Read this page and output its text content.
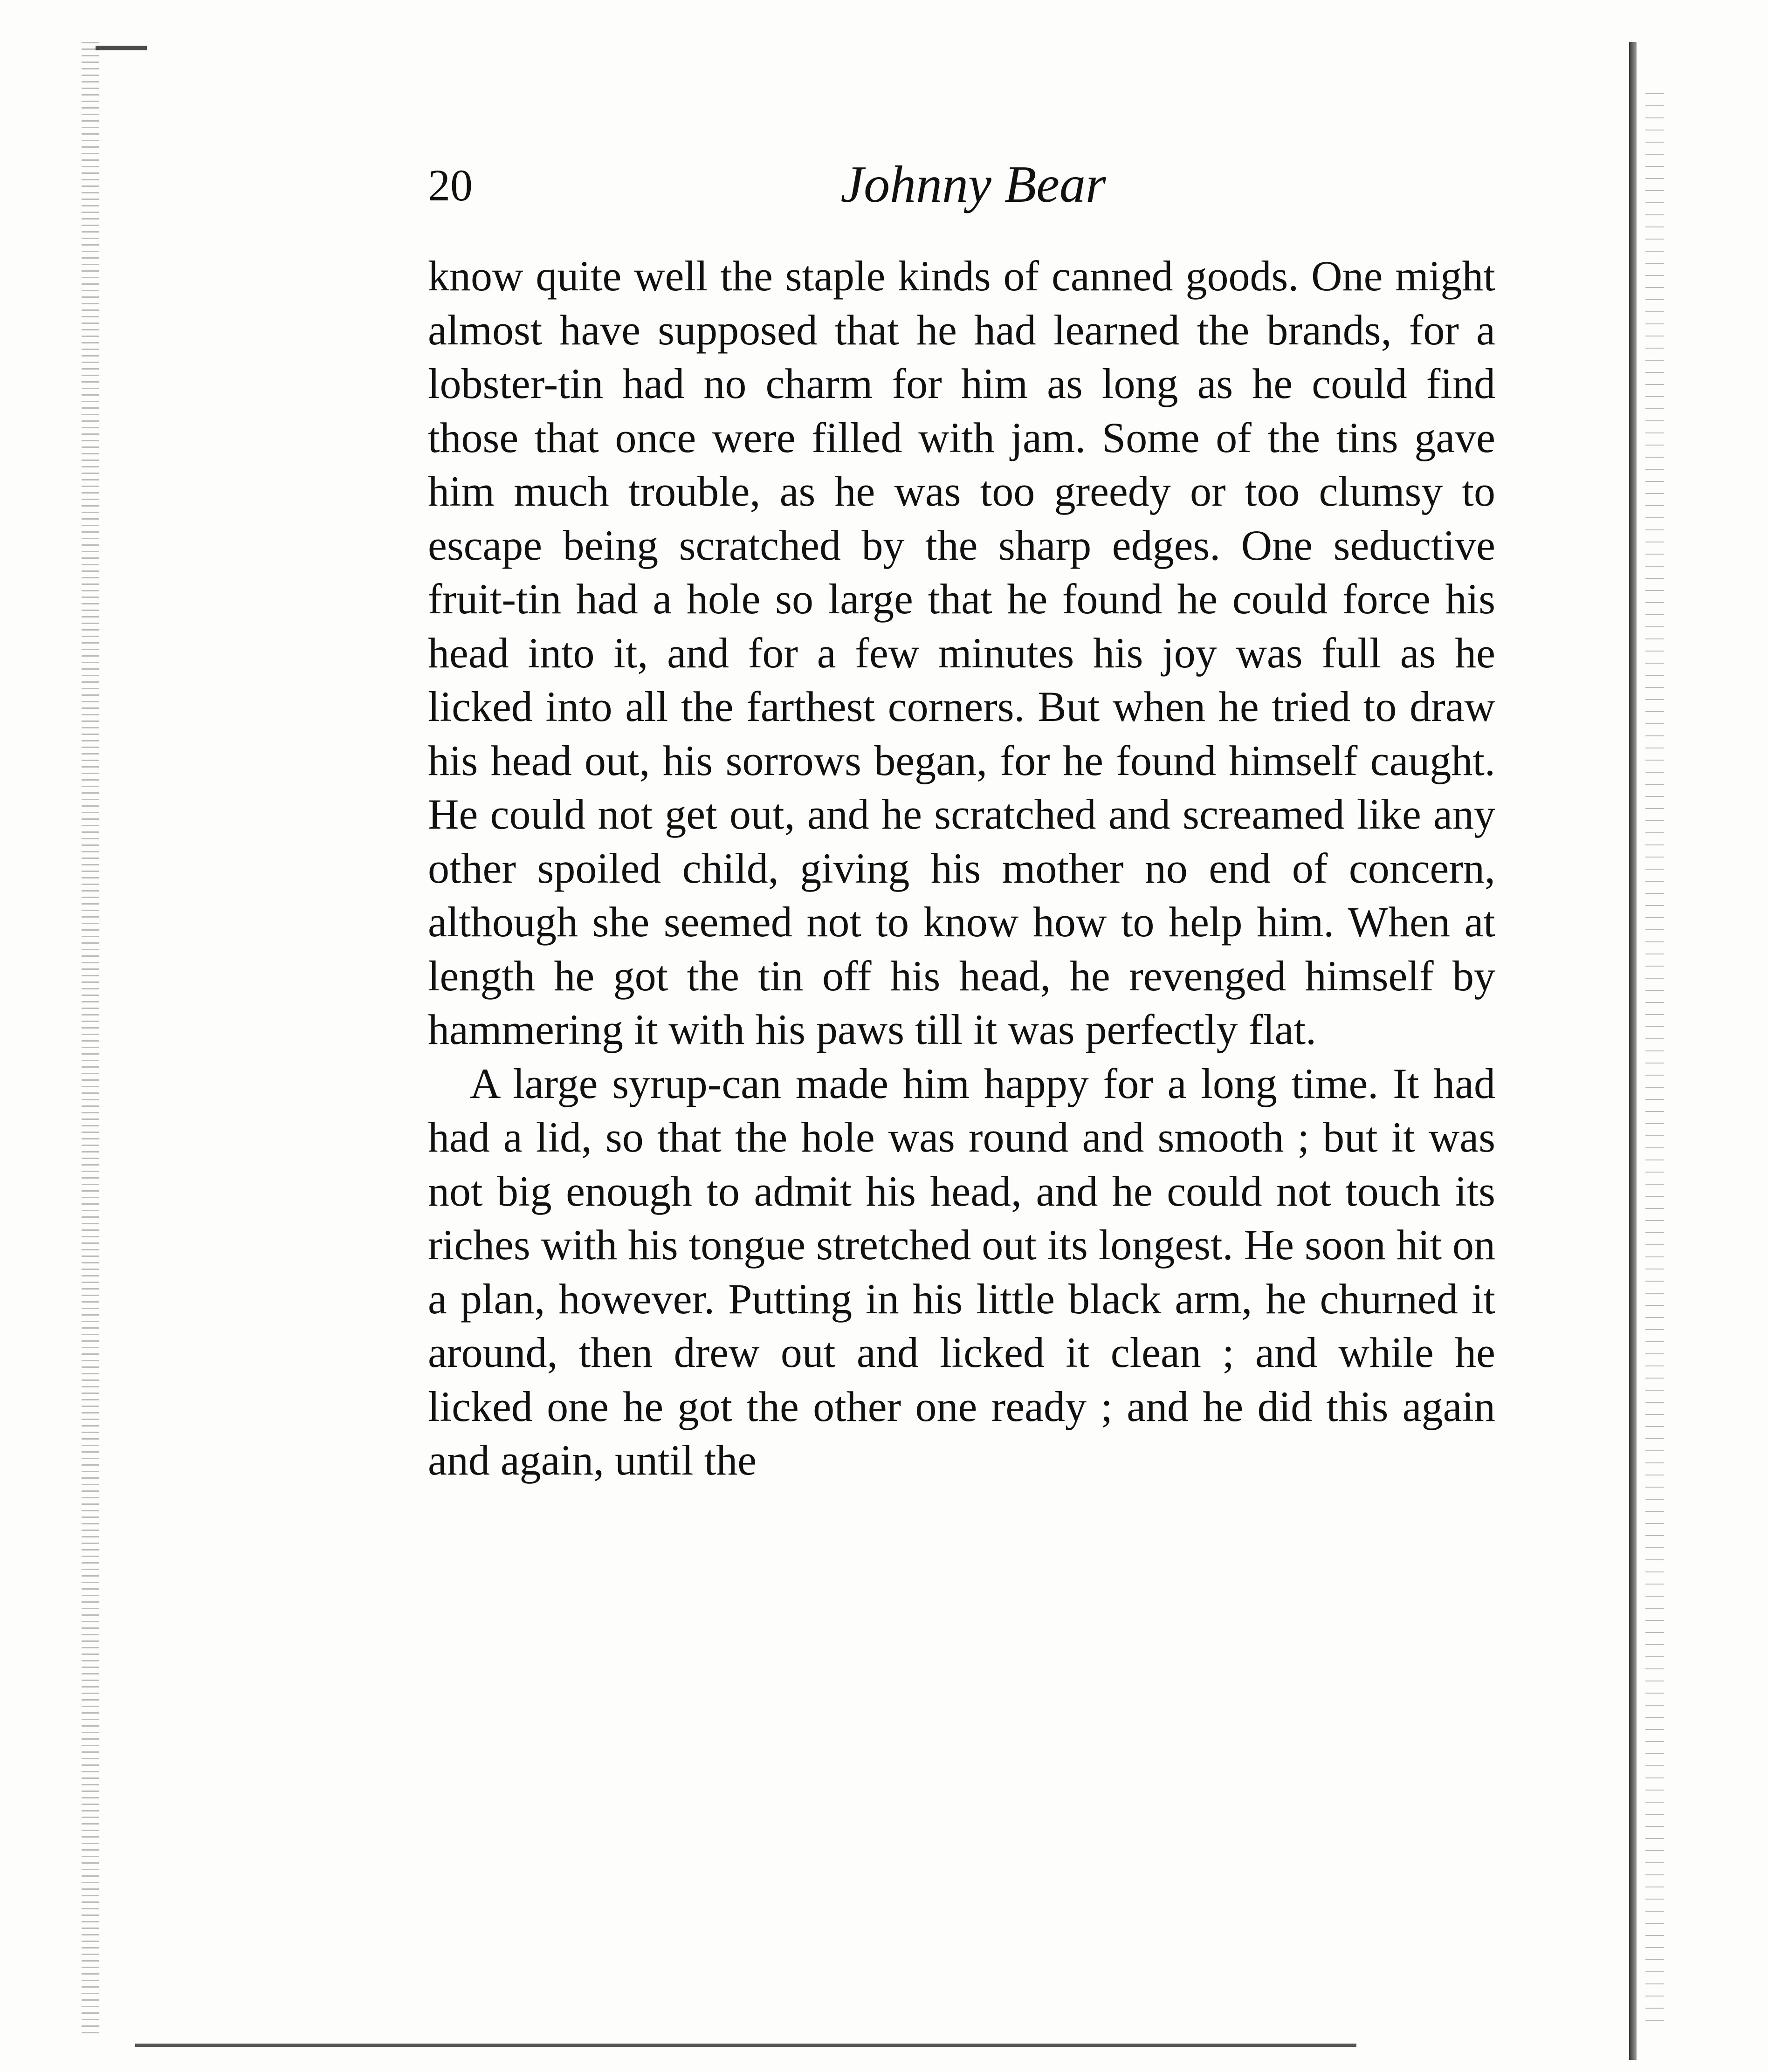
20	Johnny Bear

know quite well the staple kinds of canned goods. One might almost have supposed that he had learned the brands, for a lobster-tin had no charm for him as long as he could find those that once were filled with jam. Some of the tins gave him much trouble, as he was too greedy or too clumsy to escape being scratched by the sharp edges. One seductive fruit-tin had a hole so large that he found he could force his head into it, and for a few minutes his joy was full as he licked into all the farthest corners. But when he tried to draw his head out, his sorrows began, for he found himself caught. He could not get out, and he scratched and screamed like any other spoiled child, giving his mother no end of concern, although she seemed not to know how to help him. When at length he got the tin off his head, he revenged himself by hammering it with his paws till it was perfectly flat.

A large syrup-can made him happy for a long time. It had had a lid, so that the hole was round and smooth ; but it was not big enough to admit his head, and he could not touch its riches with his tongue stretched out its longest. He soon hit on a plan, however. Putting in his little black arm, he churned it around, then drew out and licked it clean ; and while he licked one he got the other one ready ; and he did this again and again, until the
